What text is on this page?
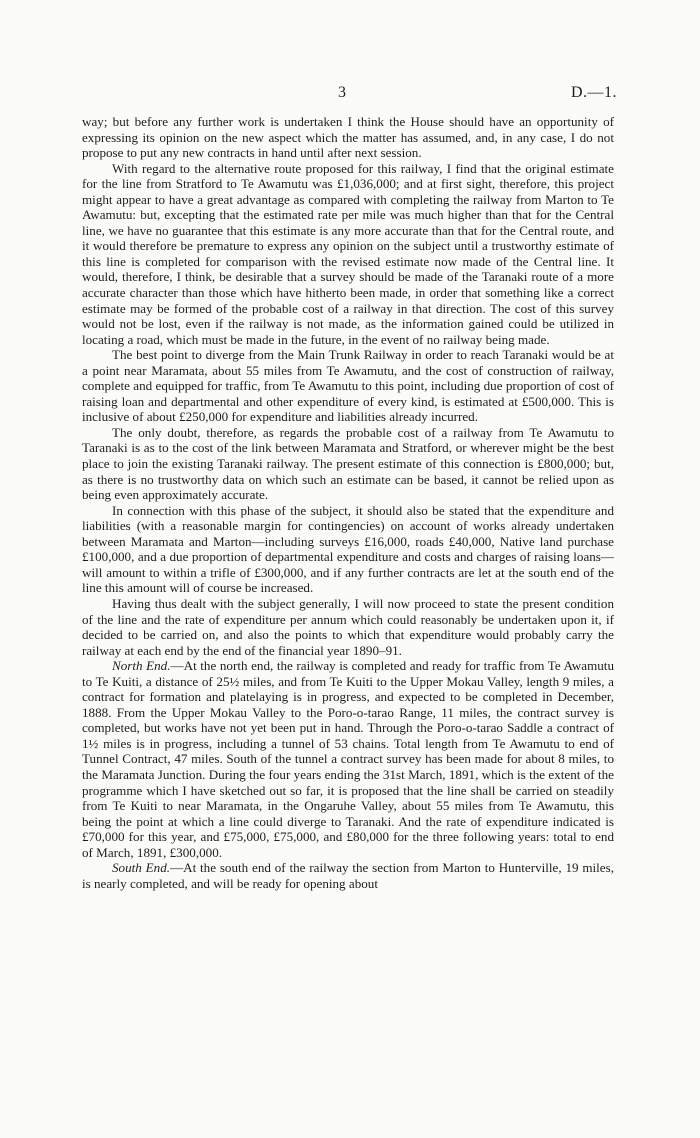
3	D.—1.

way; but before any further work is undertaken I think the House should have an opportunity of expressing its opinion on the new aspect which the matter has assumed, and, in any case, I do not propose to put any new contracts in hand until after next session.

With regard to the alternative route proposed for this railway, I find that the original estimate for the line from Stratford to Te Awamutu was £1,036,000; and at first sight, therefore, this project might appear to have a great advantage as compared with completing the railway from Marton to Te Awamutu: but, excepting that the estimated rate per mile was much higher than that for the Central line, we have no guarantee that this estimate is any more accurate than that for the Central route, and it would therefore be premature to express any opinion on the subject until a trustworthy estimate of this line is completed for comparison with the revised estimate now made of the Central line. It would, therefore, I think, be desirable that a survey should be made of the Taranaki route of a more accurate character than those which have hitherto been made, in order that something like a correct estimate may be formed of the probable cost of a railway in that direction. The cost of this survey would not be lost, even if the railway is not made, as the information gained could be utilized in locating a road, which must be made in the future, in the event of no railway being made.

The best point to diverge from the Main Trunk Railway in order to reach Taranaki would be at a point near Maramata, about 55 miles from Te Awamutu, and the cost of construction of railway, complete and equipped for traffic, from Te Awamutu to this point, including due proportion of cost of raising loan and departmental and other expenditure of every kind, is estimated at £500,000. This is inclusive of about £250,000 for expenditure and liabilities already incurred.

The only doubt, therefore, as regards the probable cost of a railway from Te Awamutu to Taranaki is as to the cost of the link between Maramata and Stratford, or wherever might be the best place to join the existing Taranaki railway. The present estimate of this connection is £800,000; but, as there is no trustworthy data on which such an estimate can be based, it cannot be relied upon as being even approximately accurate.

In connection with this phase of the subject, it should also be stated that the expenditure and liabilities (with a reasonable margin for contingencies) on account of works already undertaken between Maramata and Marton—including surveys £16,000, roads £40,000, Native land purchase £100,000, and a due proportion of departmental expenditure and costs and charges of raising loans—will amount to within a trifle of £300,000, and if any further contracts are let at the south end of the line this amount will of course be increased.

Having thus dealt with the subject generally, I will now proceed to state the present condition of the line and the rate of expenditure per annum which could reasonably be undertaken upon it, if decided to be carried on, and also the points to which that expenditure would probably carry the railway at each end by the end of the financial year 1890–91.

North End.—At the north end, the railway is completed and ready for traffic from Te Awamutu to Te Kuiti, a distance of 25½ miles, and from Te Kuiti to the Upper Mokau Valley, length 9 miles, a contract for formation and platelaying is in progress, and expected to be completed in December, 1888. From the Upper Mokau Valley to the Poro-o-tarao Range, 11 miles, the contract survey is completed, but works have not yet been put in hand. Through the Poro-o-tarao Saddle a contract of 1½ miles is in progress, including a tunnel of 53 chains. Total length from Te Awamutu to end of Tunnel Contract, 47 miles. South of the tunnel a contract survey has been made for about 8 miles, to the Maramata Junction. During the four years ending the 31st March, 1891, which is the extent of the programme which I have sketched out so far, it is proposed that the line shall be carried on steadily from Te Kuiti to near Maramata, in the Ongaruhe Valley, about 55 miles from Te Awamutu, this being the point at which a line could diverge to Taranaki. And the rate of expenditure indicated is £70,000 for this year, and £75,000, £75,000, and £80,000 for the three following years: total to end of March, 1891, £300,000.

South End.—At the south end of the railway the section from Marton to Hunterville, 19 miles, is nearly completed, and will be ready for opening about
